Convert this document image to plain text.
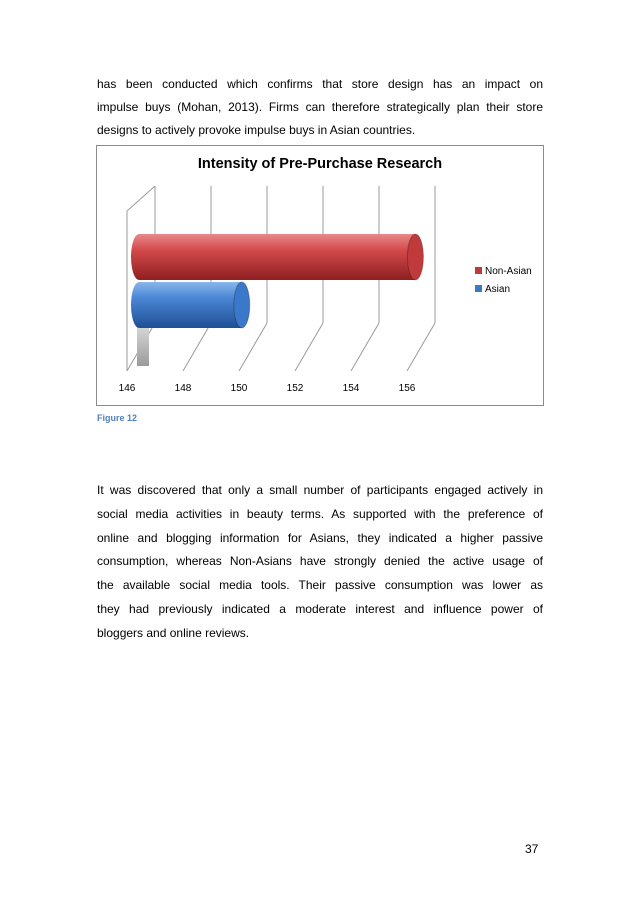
has been conducted which confirms that store design has an impact on
impulse buys (Mohan, 2013). Firms can therefore strategically plan their store
designs to actively provoke impulse buys in Asian countries.
Intensity of Pre-Purchase Research
146	148	150	152	154	156
Non-Asian
Asian
Figure 12
It was discovered that only a small number of participants engaged actively in
social media activities in beauty terms. As supported with the preference of
online and blogging information for Asians, they indicated a higher passive
consumption, whereas Non-Asians have strongly denied the active usage of
the available social media tools. Their passive consumption was lower as
they had previously indicated a moderate interest and influence power of
bloggers and online reviews.
37
